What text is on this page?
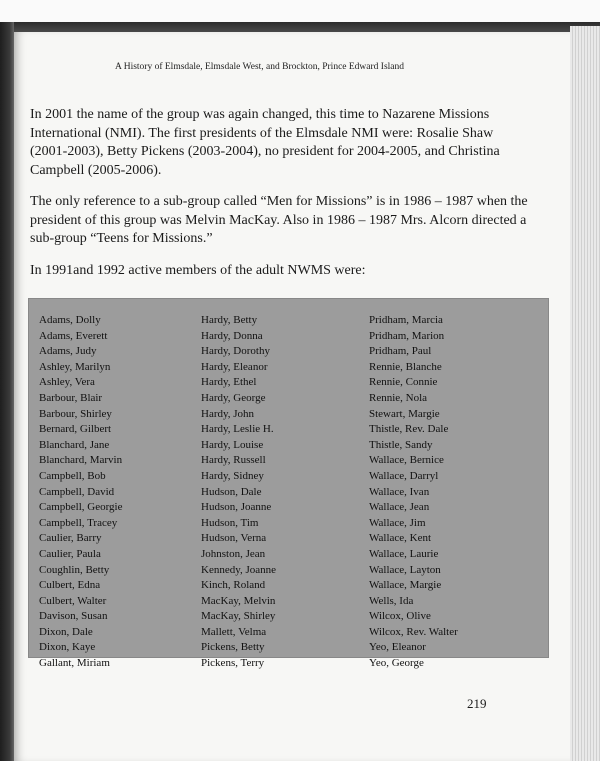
A History of Elmsdale, Elmsdale West, and Brockton, Prince Edward Island
In 2001 the name of the group was again changed, this time to Nazarene Missions International (NMI). The first presidents of the Elmsdale NMI were: Rosalie Shaw (2001-2003), Betty Pickens (2003-2004), no president for 2004-2005, and Christina Campbell (2005-2006).
The only reference to a sub-group called “Men for Missions” is in 1986 – 1987 when the president of this group was Melvin MacKay. Also in 1986 – 1987 Mrs. Alcorn directed a sub-group “Teens for Missions.”
In 1991and 1992 active members of the adult NWMS were:
Adams, Dolly
Adams, Everett
Adams, Judy
Ashley, Marilyn
Ashley, Vera
Barbour, Blair
Barbour, Shirley
Bernard, Gilbert
Blanchard, Jane
Blanchard, Marvin
Campbell, Bob
Campbell, David
Campbell, Georgie
Campbell, Tracey
Caulier, Barry
Caulier, Paula
Coughlin, Betty
Culbert, Edna
Culbert, Walter
Davison, Susan
Dixon, Dale
Dixon, Kaye
Gallant, Miriam
Hardy, Betty
Hardy, Donna
Hardy, Dorothy
Hardy, Eleanor
Hardy, Ethel
Hardy, George
Hardy, John
Hardy, Leslie H.
Hardy, Louise
Hardy, Russell
Hardy, Sidney
Hudson, Dale
Hudson, Joanne
Hudson, Tim
Hudson, Verna
Johnston, Jean
Kennedy, Joanne
Kinch, Roland
MacKay, Melvin
MacKay, Shirley
Mallett, Velma
Pickens, Betty
Pickens, Terry
Pridham, Marcia
Pridham, Marion
Pridham, Paul
Rennie, Blanche
Rennie, Connie
Rennie, Nola
Stewart, Margie
Thistle, Rev. Dale
Thistle, Sandy
Wallace, Bernice
Wallace, Darryl
Wallace, Ivan
Wallace, Jean
Wallace, Jim
Wallace, Kent
Wallace, Laurie
Wallace, Layton
Wallace, Margie
Wells, Ida
Wilcox, Olive
Wilcox, Rev. Walter
Yeo, Eleanor
Yeo, George
219
